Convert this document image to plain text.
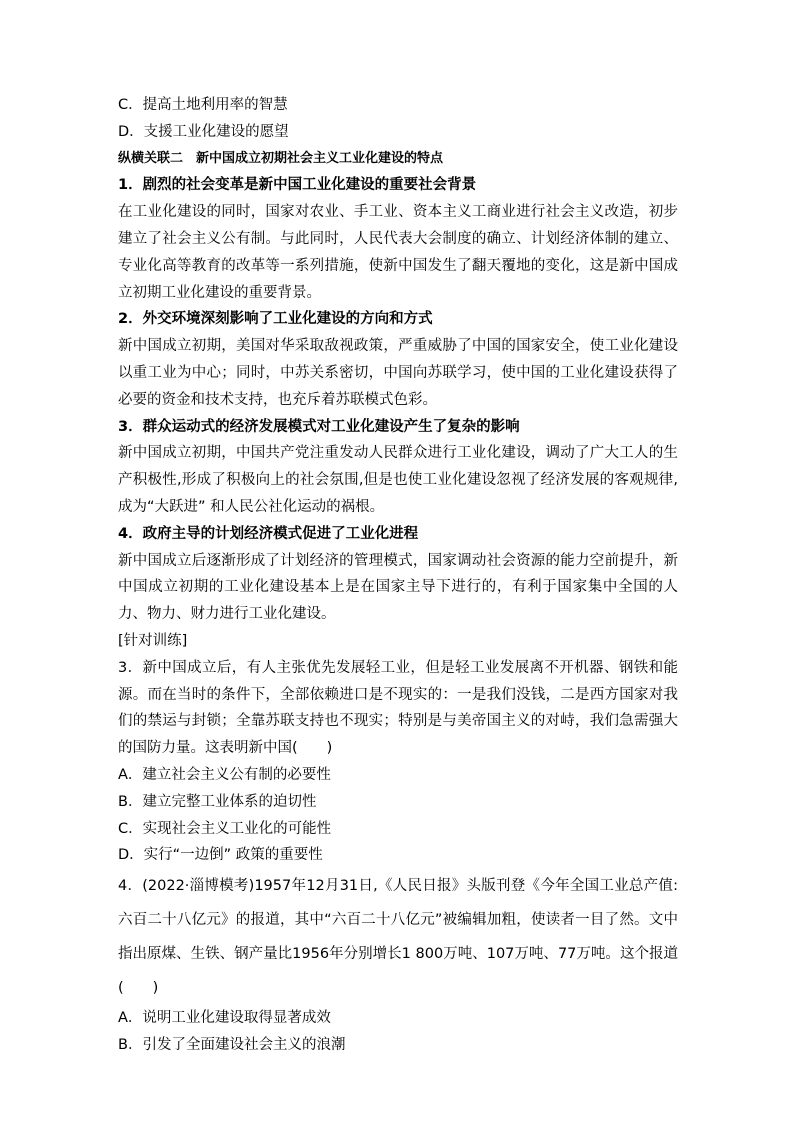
C．提高土地利用率的智慧
D．支援工业化建设的愿望
纵横关联二　新中国成立初期社会主义工业化建设的特点
1．剧烈的社会变革是新中国工业化建设的重要社会背景
在工业化建设的同时，国家对农业、手工业、资本主义工商业进行社会主义改造，初步建立了社会主义公有制。与此同时，人民代表大会制度的确立、计划经济体制的建立、专业化高等教育的改革等一系列措施，使新中国发生了翻天覆地的变化，这是新中国成立初期工业化建设的重要背景。
2．外交环境深刻影响了工业化建设的方向和方式
新中国成立初期，美国对华采取敌视政策，严重威胁了中国的国家安全，使工业化建设以重工业为中心；同时，中苏关系密切，中国向苏联学习，使中国的工业化建设获得了必要的资金和技术支持，也充斥着苏联模式色彩。
3．群众运动式的经济发展模式对工业化建设产生了复杂的影响
新中国成立初期，中国共产党注重发动人民群众进行工业化建设，调动了广大工人的生产积极性,形成了积极向上的社会氛围,但是也使工业化建设忽视了经济发展的客观规律,成为“大跃进” 和人民公社化运动的祸根。
4．政府主导的计划经济模式促进了工业化进程
新中国成立后逐渐形成了计划经济的管理模式，国家调动社会资源的能力空前提升，新中国成立初期的工业化建设基本上是在国家主导下进行的，有利于国家集中全国的人力、物力、财力进行工业化建设。
[针对训练]
3．新中国成立后，有人主张优先发展轻工业，但是轻工业发展离不开机器、钢铁和能源。而在当时的条件下，全部依赖进口是不现实的：一是我们没钱，二是西方国家对我们的禁运与封锁；全靠苏联支持也不现实；特别是与美帝国主义的对峙，我们急需强大的国防力量。这表明新中国(　　)
A．建立社会主义公有制的必要性
B．建立完整工业体系的迫切性
C．实现社会主义工业化的可能性
D．实行“一边倒” 政策的重要性
4．(2022·淄博模考)1957年12月31日,《人民日报》头版刊登《今年全国工业总产值: 六百二十八亿元》的报道，其中“六百二十八亿元”被编辑加粗，使读者一目了然。文中指出原煤、生铁、钢产量比1956年分别增长1 800万吨、107万吨、77万吨。这个报道(　　)
A．说明工业化建设取得显著成效
B．引发了全面建设社会主义的浪潮
